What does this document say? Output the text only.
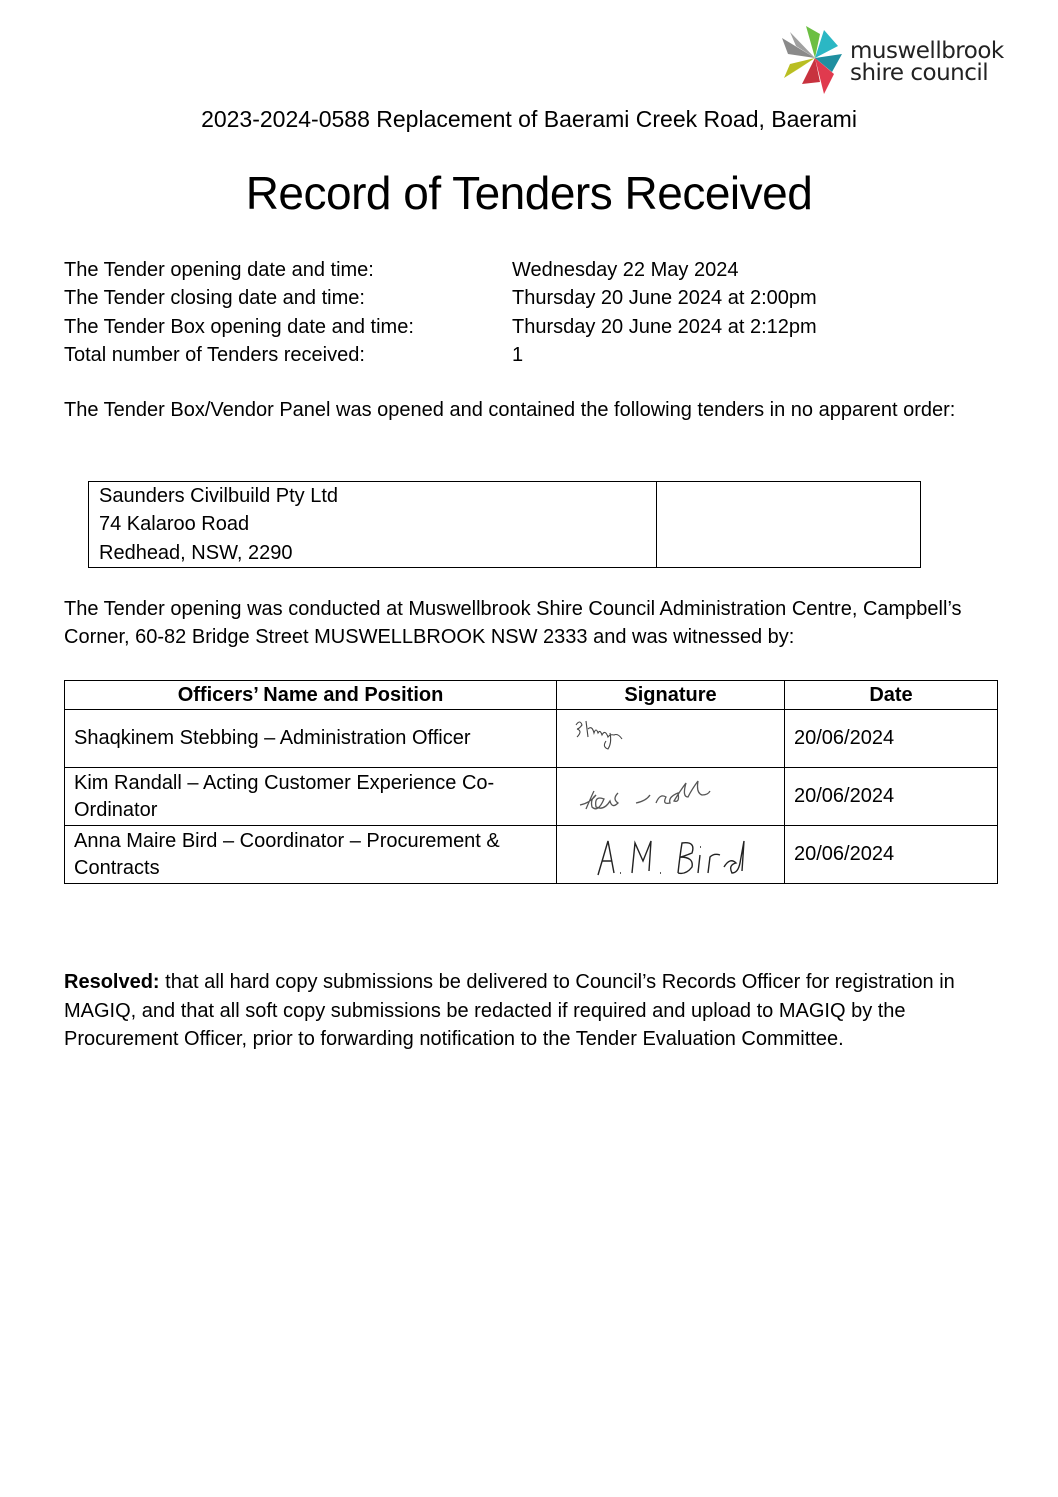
muswellbrook
shire council
2023-2024-0588 Replacement of Baerami Creek Road, Baerami
Record of Tenders Received
The Tender opening date and time:	Wednesday 22 May 2024
The Tender closing date and time:	Thursday 20 June 2024 at 2:00pm
The Tender Box opening date and time:	Thursday 20 June 2024 at 2:12pm
Total number of Tenders received:	1
The Tender Box/Vendor Panel was opened and contained the following tenders in no apparent order:
Saunders Civilbuild Pty Ltd
74 Kalaroo Road
Redhead, NSW, 2290

The Tender opening was conducted at Muswellbrook Shire Council Administration Centre, Campbell’s Corner, 60-82 Bridge Street MUSWELLBROOK NSW 2333 and was witnessed by:
Officers’ Name and Position	Signature	Date
Shaqkinem Stebbing – Administration Officer		20/06/2024
Kim Randall – Acting Customer Experience Co-Ordinator		20/06/2024
Anna Maire Bird – Coordinator – Procurement & Contracts		20/06/2024
Resolved: that all hard copy submissions be delivered to Council’s Records Officer for registration in MAGIQ, and that all soft copy submissions be redacted if required and upload to MAGIQ by the Procurement Officer, prior to forwarding notification to the Tender Evaluation Committee.
